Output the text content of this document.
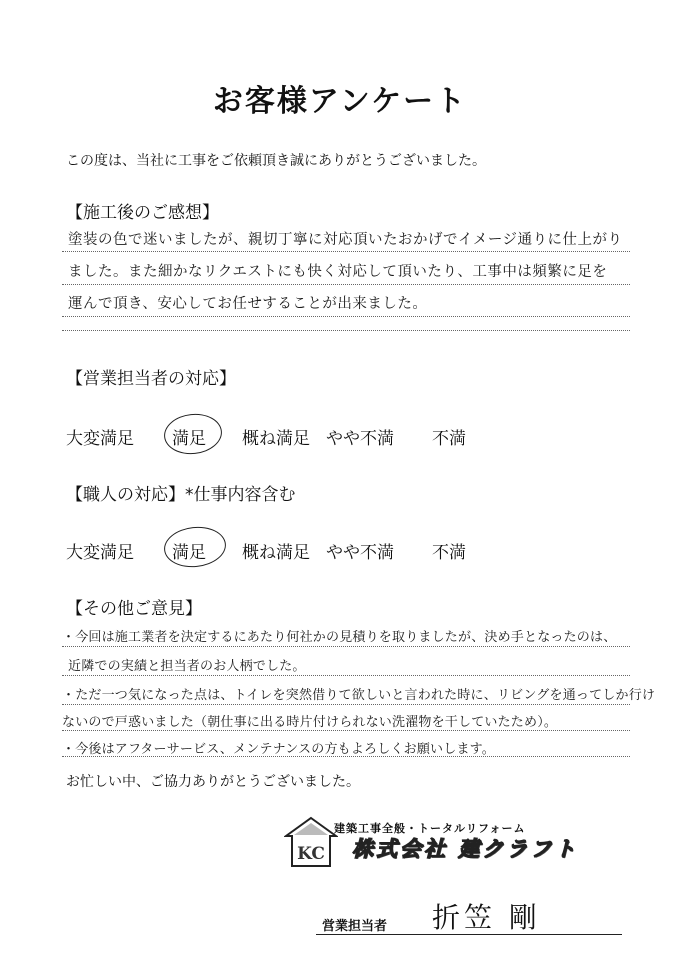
お客様アンケート
この度は、当社に工事をご依頼頂き誠にありがとうございました。
【施工後のご感想】
塗装の色で迷いましたが、親切丁寧に対応頂いたおかげでイメージ通りに仕上がり
ました。また細かなリクエストにも快く対応して頂いたり、工事中は頻繁に足を
運んで頂き、安心してお任せすることが出来ました。
【営業担当者の対応】
大変満足 満足 概ね満足 やや不満 不満
【職人の対応】*仕事内容含む
大変満足 満足 概ね満足 やや不満 不満
【その他ご意見】
・今回は施工業者を決定するにあたり何社かの見積りを取りましたが、決め手となったのは、
近隣での実績と担当者のお人柄でした。
・ただ一つ気になった点は、トイレを突然借りて欲しいと言われた時に、リビングを通ってしか行け
ないので戸惑いました（朝仕事に出る時片付けられない洗濯物を干していたため）。
・今後はアフターサービス、メンテナンスの方もよろしくお願いします。
お忙しい中、ご協力ありがとうございました。
KC
建築工事全般・トータルリフォーム
株式会社 建クラフト
営業担当者 折笠 剛
